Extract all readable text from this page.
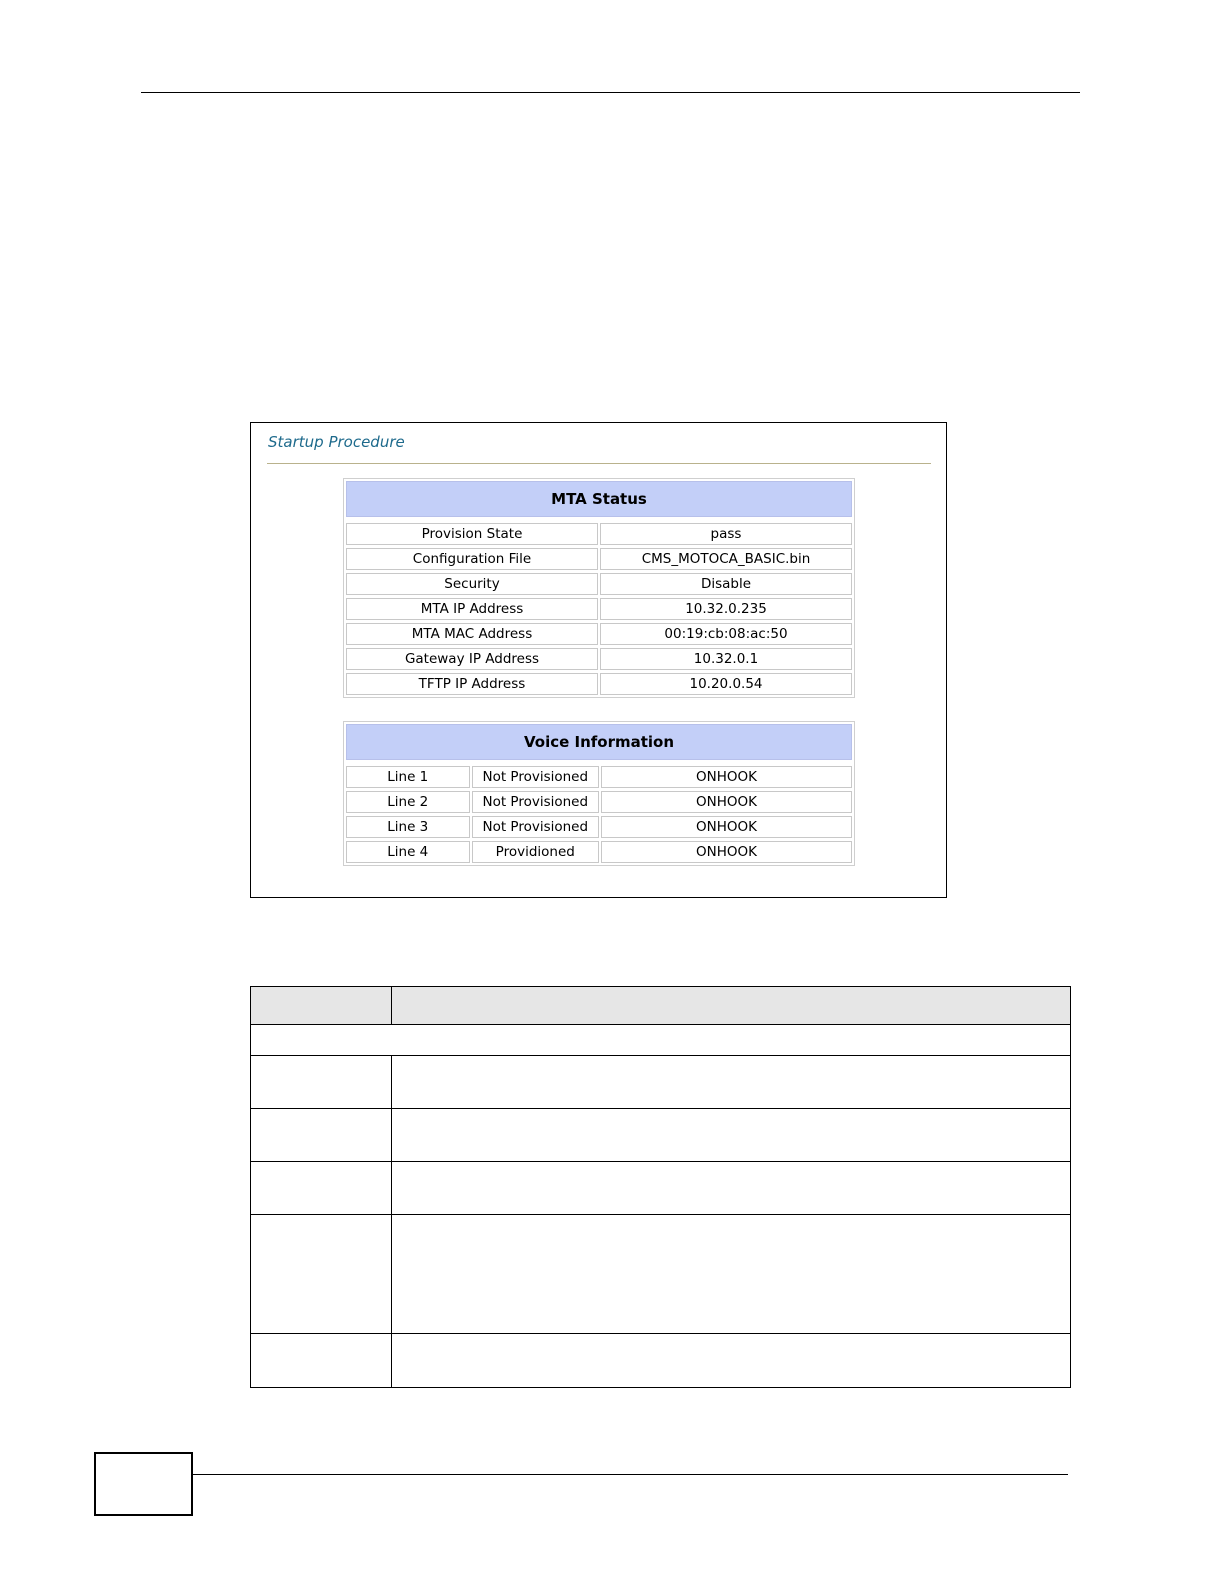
Startup Procedure
MTA Status
Provision State	pass
Configuration File	CMS_MOTOCA_BASIC.bin
Security	Disable
MTA IP Address	10.32.0.235
MTA MAC Address	00:19:cb:08:ac:50
Gateway IP Address	10.32.0.1
TFTP IP Address	10.20.0.54
Voice Information
Line 1	Not Provisioned	ONHOOK
Line 2	Not Provisioned	ONHOOK
Line 3	Not Provisioned	ONHOOK
Line 4	Providioned	ONHOOK
